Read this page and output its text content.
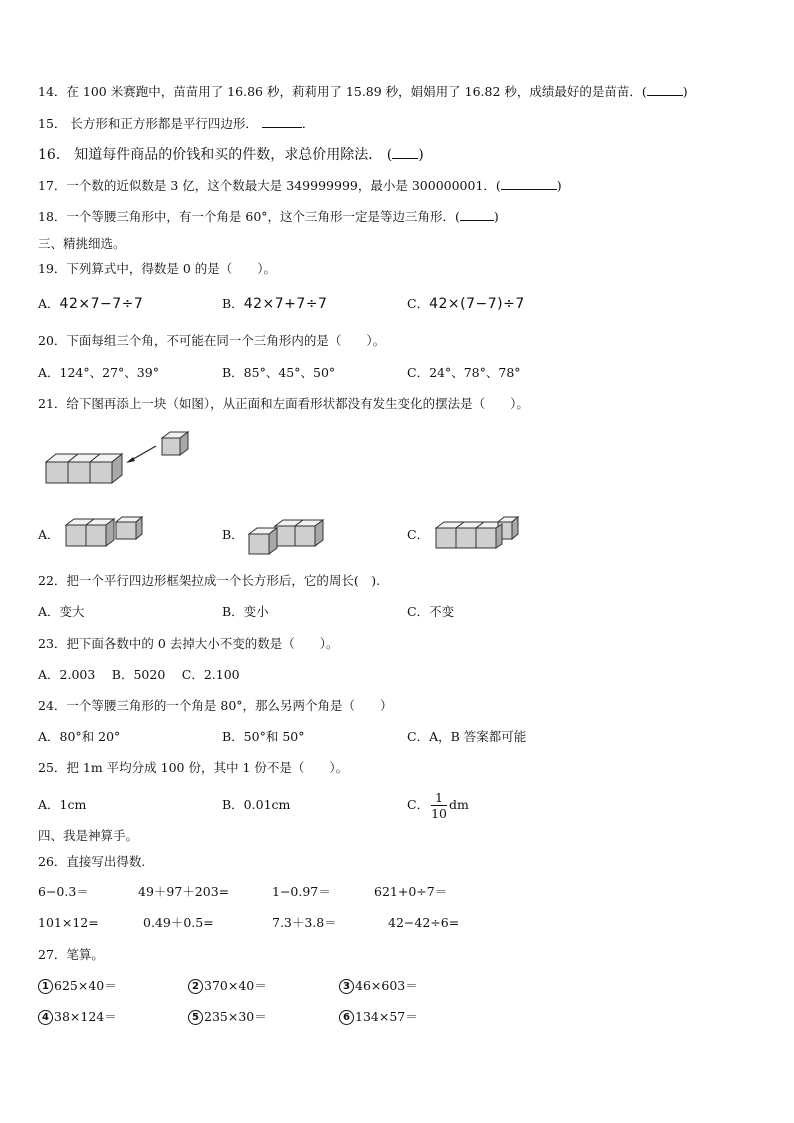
14．在 100 米赛跑中，苗苗用了 16.86 秒，莉莉用了 15.89 秒，娟娟用了 16.82 秒，成绩最好的是苗苗．(	)
15． 长方形和正方形都是平行四边形．	．
16． 知道每件商品的价钱和买的件数，求总价用除法． ( )
17．一个数的近似数是 3 亿，这个数最大是 349999999，最小是 300000001．(	)
18．一个等腰三角形中，有一个角是 60°，这个三角形一定是等边三角形．(	)
三、精挑细选。
19．下列算式中，得数是 0 的是（　　）。
A．42×7−7÷7	B．42×7+7÷7	C．42×(7−7)÷7
20．下面每组三个角，不可能在同一个三角形内的是（　　）。
A．124°、27°、39°	B．85°、45°、50°	C．24°、78°、78°
21．给下图再添上一块（如图），从正面和左面看形状都没有发生变化的摆法是（　　）。
A．	B．	C．
22．把一个平行四边形框架拉成一个长方形后，它的周长(　).
A．变大	B．变小	C．不变
23．把下面各数中的 0 去掉大小不变的数是（　　）。
A．2.003　 B．5020　 C．2.100
24．一个等腰三角形的一个角是 80°，那么另两个角是（　　）
A．80°和 20°	B．50°和 50°	C．A，B 答案都可能
25．把 1m 平均分成 100 份，其中 1 份不是（　　）。
A．1cm	B．0.01cm	C． $\frac{1}{10}$ dm
四、我是神算手。
26．直接写出得数.
6−0.3＝	49＋97＋203=	1−0.97＝	621+0÷7＝
101×12=	0.49＋0.5=	7.3＋3.8＝	42−42÷6=
27．笔算。
1 625×40＝	2 370×40＝	3 46×603＝
4 38×124＝	5 235×30＝	6 134×57＝
